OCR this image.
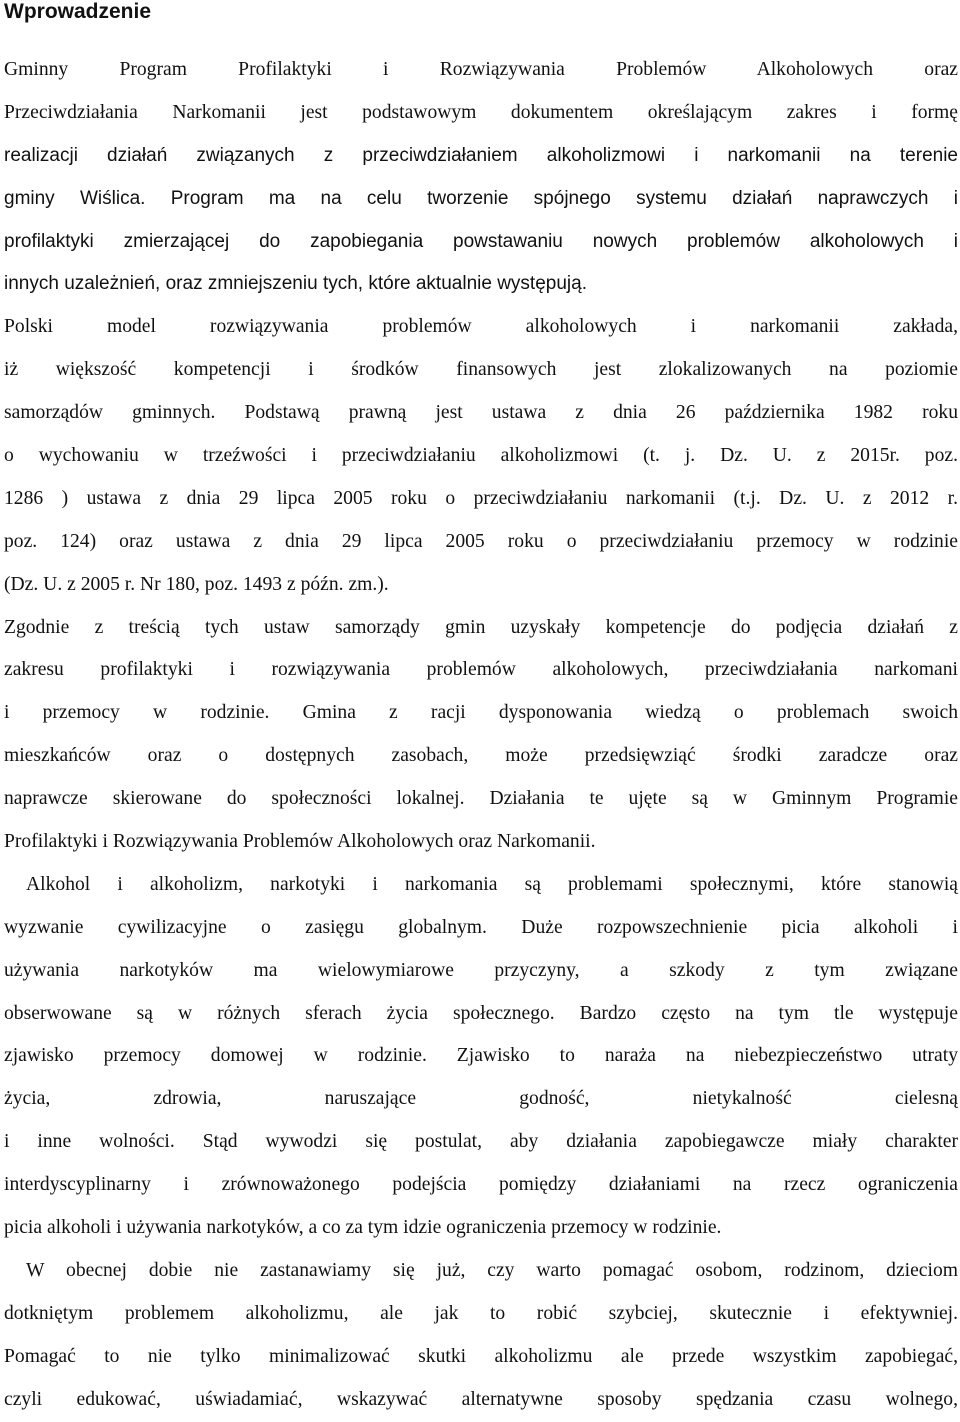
Wprowadzenie
Gminny Program Profilaktyki i Rozwiązywania Problemów Alkoholowych oraz
Przeciwdziałania Narkomanii jest podstawowym dokumentem określającym zakres i formę
realizacji działań związanych z przeciwdziałaniem alkoholizmowi i narkomanii na terenie
gminy Wiślica. Program ma na celu tworzenie spójnego systemu działań naprawczych i
profilaktyki zmierzającej do zapobiegania powstawaniu nowych problemów alkoholowych i
innych uzależnień, oraz zmniejszeniu tych, które aktualnie występują.
Polski model rozwiązywania problemów alkoholowych i narkomanii zakłada,
iż większość kompetencji i środków finansowych jest zlokalizowanych na poziomie
samorządów gminnych. Podstawą prawną jest ustawa z dnia 26 października 1982 roku
o wychowaniu w trzeźwości i przeciwdziałaniu alkoholizmowi (t. j. Dz. U. z 2015r. poz.
1286 ) ustawa z dnia 29 lipca 2005 roku o przeciwdziałaniu narkomanii (t.j. Dz. U. z 2012 r.
poz. 124) oraz ustawa z dnia 29 lipca 2005 roku o przeciwdziałaniu przemocy w rodzinie
(Dz. U. z 2005 r. Nr 180, poz. 1493 z późn. zm.).
Zgodnie z treścią tych ustaw samorządy gmin uzyskały kompetencje do podjęcia działań z
zakresu profilaktyki i rozwiązywania problemów alkoholowych, przeciwdziałania narkomani
i przemocy w rodzinie. Gmina z racji dysponowania wiedzą o problemach swoich
mieszkańców oraz o dostępnych zasobach, może przedsięwziąć środki zaradcze oraz
naprawcze skierowane do społeczności lokalnej. Działania te ujęte są w Gminnym Programie
Profilaktyki i Rozwiązywania Problemów Alkoholowych oraz Narkomanii.
Alkohol i alkoholizm, narkotyki i narkomania są problemami społecznymi, które stanowią
wyzwanie cywilizacyjne o zasięgu globalnym. Duże rozpowszechnienie picia alkoholi i
używania narkotyków ma wielowymiarowe przyczyny, a szkody z tym związane
obserwowane są w różnych sferach życia społecznego. Bardzo często na tym tle występuje
zjawisko przemocy domowej w rodzinie. Zjawisko to naraża na niebezpieczeństwo utraty
życia, zdrowia, naruszające godność, nietykalność cielesną
i inne wolności. Stąd wywodzi się postulat, aby działania zapobiegawcze miały charakter
interdyscyplinarny i zrównoważonego podejścia pomiędzy działaniami na rzecz ograniczenia
picia alkoholi i używania narkotyków, a co za tym idzie ograniczenia przemocy w rodzinie.
W obecnej dobie nie zastanawiamy się już, czy warto pomagać osobom, rodzinom, dzieciom
dotkniętym problemem alkoholizmu, ale jak to robić szybciej, skutecznie i efektywniej.
Pomagać to nie tylko minimalizować skutki alkoholizmu ale przede wszystkim zapobiegać,
czyli edukować, uświadamiać, wskazywać alternatywne sposoby spędzania czasu wolnego,
